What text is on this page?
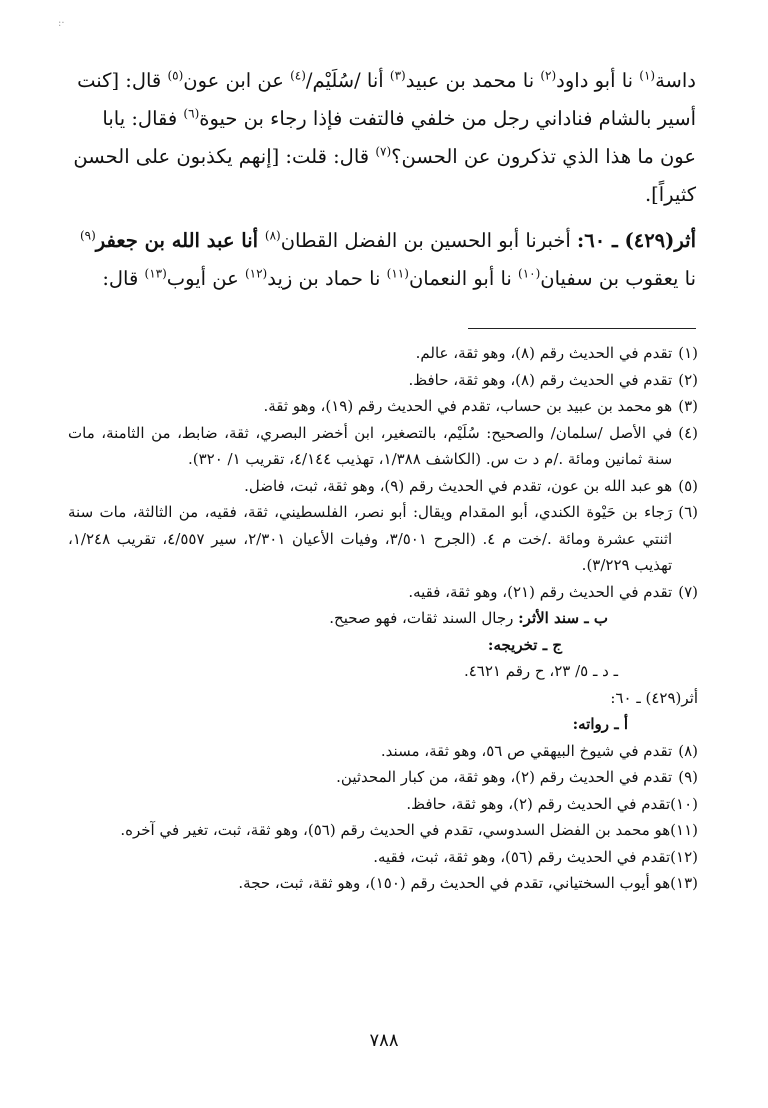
·:

داسة$^{(١)}$ نا أبو داود$^{(٢)}$ نا محمد بن عبيد$^{(٣)}$ أنا /سُلَيْم/$^{(٤)}$ عن ابن عون$^{(٥)}$ قال: [كنت أسير بالشام فناداني رجل من خلفي فالتفت فإذا رجاء بن حيوة$^{(٦)}$ فقال: يابا عون ما هذا الذي تذكرون عن الحسن؟$^{(٧)}$ قال: قلت: [إنهم يكذبون على الحسن كثيراً].

أثر(٤٢٩) ـ ٦٠: أخبرنا أبو الحسين بن الفضل القطان$^{(٨)}$ أنا عبد الله بن جعفر$^{(٩)}$ نا يعقوب بن سفيان$^{(١٠)}$ نا أبو النعمان$^{(١١)}$ نا حماد بن زيد$^{(١٢)}$ عن أيوب$^{(١٣)}$ قال:

(١)
تقدم في الحديث رقم (٨)، وهو ثقة، عالم.
(٢)
تقدم في الحديث رقم (٨)، وهو ثقة، حافظ.
(٣)
هو محمد بن عبيد بن حساب، تقدم في الحديث رقم (١٩)، وهو ثقة.
(٤)
في الأصل /سلمان/ والصحيح: سُلَيْم، بالتصغير، ابن أخضر البصري، ثقة، ضابط، من الثامنة، مات سنة ثمانين ومائة ./م د ت س. (الكاشف ١/٣٨٨، تهذيب ٤/١٤٤، تقريب ١/ ٣٢٠).
(٥)
هو عبد الله بن عون، تقدم في الحديث رقم (٩)، وهو ثقة، ثبت، فاضل.
(٦)
رَجاء بن حَيْوة الكندي، أبو المقدام ويقال: أبو نصر، الفلسطيني، ثقة، فقيه، من الثالثة، مات سنة اثنتي عشرة ومائة ./خت م ٤. (الجرح ٣/٥٠١، وفيات الأعيان ٢/٣٠١، سير ٤/٥٥٧، تقريب ١/٢٤٨، تهذيب ٣/٢٢٩).
(٧)
تقدم في الحديث رقم (٢١)، وهو ثقة، فقيه.
ب ـ سند الأثر: رجال السند ثقات، فهو صحيح.
ج ـ تخريجه:
ـ د ـ ٥/ ٢٣، ح رقم ٤٦٢١.
أثر(٤٢٩) ـ ٦٠:
أ ـ رواته:
(٨)
تقدم في شيوخ البيهقي ص ٥٦، وهو ثقة، مسند.
(٩)
تقدم في الحديث رقم (٢)، وهو ثقة، من كبار المحدثين.
(١٠)
تقدم في الحديث رقم (٢)، وهو ثقة، حافظ.
(١١)
هو محمد بن الفضل السدوسي، تقدم في الحديث رقم (٥٦)، وهو ثقة، ثبت، تغير في آخره.
(١٢)
تقدم في الحديث رقم (٥٦)، وهو ثقة، ثبت، فقيه.
(١٣)
هو أيوب السختياني، تقدم في الحديث رقم (١٥٠)، وهو ثقة، ثبت، حجة.
٧٨٨
